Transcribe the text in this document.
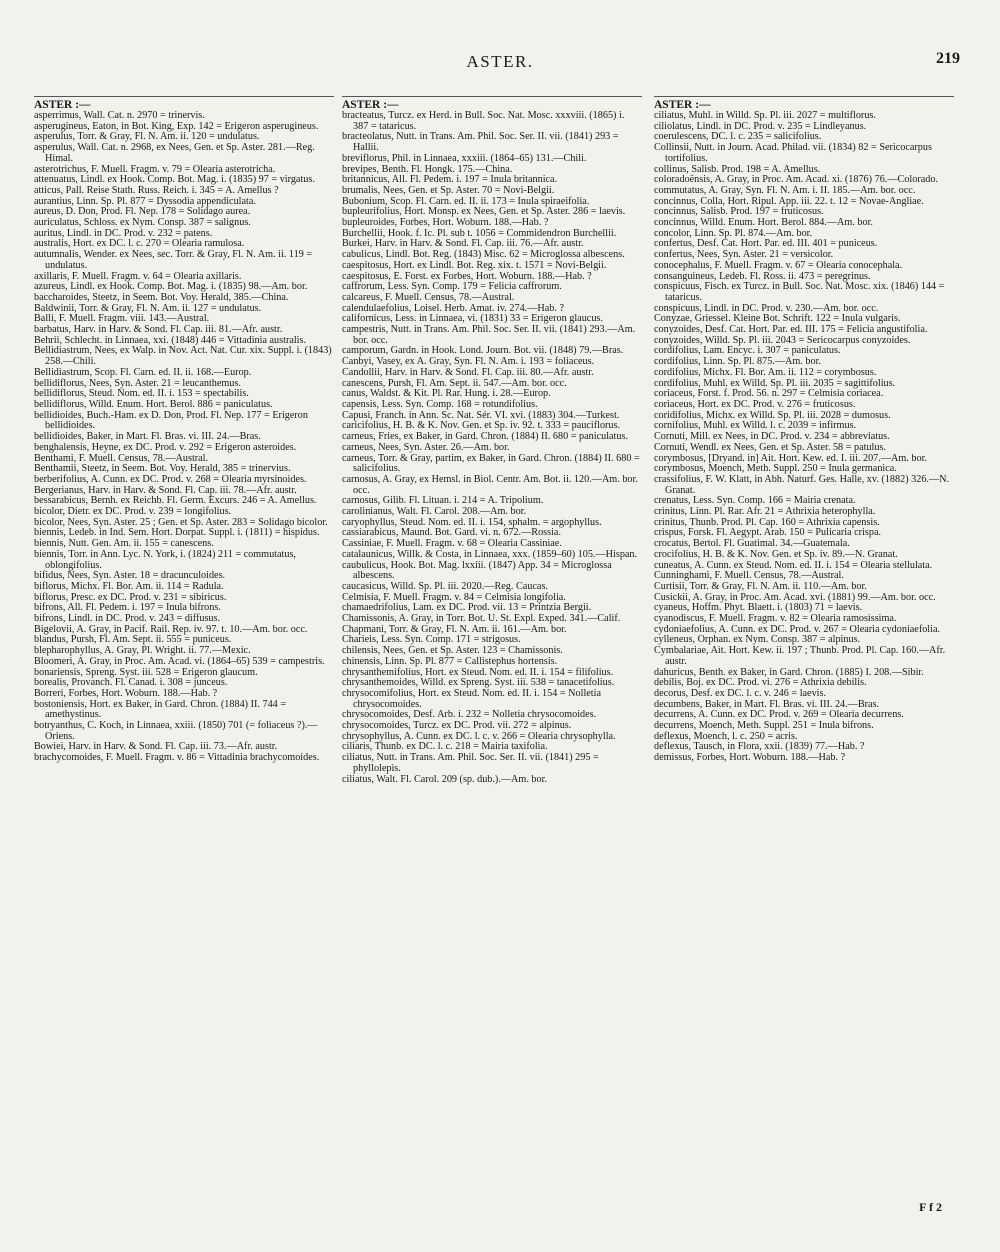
ASTER.	219
ASTER :—

asperrimus, Wall. Cat. n. 2970 = trinervis.

asperugineus, Eaton, in Bot. King, Exp. 142 = Erigeron asperugineus.

asperulus, Torr. & Gray, Fl. N. Am. ii. 120 = undulatus.

asperulus, Wall. Cat. n. 2968, ex Nees, Gen. et Sp. Aster. 281.—Reg. Himal.

asterotrichus, F. Muell. Fragm. v. 79 = Olearia asterotricha.

attenuatus, Lindl. ex Hook. Comp. Bot. Mag. i. (1835) 97 = virgatus.

atticus, Pall. Reise Stath. Russ. Reich. i. 345 = A. Amellus ?

aurantius, Linn. Sp. Pl. 877 = Dyssodia appendiculata.

aureus, D. Don, Prod. Fl. Nep. 178 = Solidago aurea.

auriculatus, Schloss. ex Nym. Consp. 387 = salignus.

auritus, Lindl. in DC. Prod. v. 232 = patens.

australis, Hort. ex DC. l. c. 270 = Olearia ramulosa.

autumnalis, Wender. ex Nees, sec. Torr. & Gray, Fl. N. Am. ii. 119 = undulatus.

axillaris, F. Muell. Fragm. v. 64 = Olearia axillaris.

azureus, Lindl. ex Hook. Comp. Bot. Mag. i. (1835) 98.—Am. bor.

baccharoides, Steetz, in Seem. Bot. Voy. Herald, 385.—China.

Baldwinii, Torr. & Gray, Fl. N. Am. ii. 127 = undulatus.

Balli, F. Muell. Fragm. viii. 143.—Austral.

barbatus, Harv. in Harv. & Sond. Fl. Cap. iii. 81.—Afr. austr.

Behrii, Schlecht. in Linnaea, xxi. (1848) 446 = Vittadinia australis.

Bellidiastrum, Nees, ex Walp. in Nov. Act. Nat. Cur. xix. Suppl. i. (1843) 258.—Chili.

Bellidiastrum, Scop. Fl. Carn. ed. II. ii. 168.—Europ.

bellidiflorus, Nees, Syn. Aster. 21 = leucanthemus.

bellidiflorus, Steud. Nom. ed. II. i. 153 = spectabilis.

bellidiflorus, Willd. Enum. Hort. Berol. 886 = paniculatus.

bellidioides, Buch.-Ham. ex D. Don, Prod. Fl. Nep. 177 = Erigeron bellidioides.

bellidioides, Baker, in Mart. Fl. Bras. vi. III. 24.—Bras.

benghalensis, Heyne, ex DC. Prod. v. 292 = Erigeron asteroides.

Benthami, F. Muell. Census, 78.—Austral.

Benthamii, Steetz, in Seem. Bot. Voy. Herald, 385 = trinervius.

berberifolius, A. Cunn. ex DC. Prod. v. 268 = Olearia myrsinoides.

Bergerianus, Harv. in Harv. & Sond. Fl. Cap. iii. 78.—Afr. austr.

bessarabicus, Bernh. ex Reichb. Fl. Germ. Excurs. 246 = A. Amellus.

bicolor, Dietr. ex DC. Prod. v. 239 = longifolius.

bicolor, Nees, Syn. Aster. 25 ; Gen. et Sp. Aster. 283 = Solidago bicolor.

biennis, Ledeb. in Ind. Sem. Hort. Dorpat. Suppl. i. (1811) = hispidus.

biennis, Nutt. Gen. Am. ii. 155 = canescens.

biennis, Torr. in Ann. Lyc. N. York, i. (1824) 211 = commutatus, oblongifolius.

bifidus, Nees, Syn. Aster. 18 = dracunculoides.

biflorus, Michx. Fl. Bor. Am. ii. 114 = Radula.

biflorus, Presc. ex DC. Prod. v. 231 = sibiricus.

bifrons, All. Fl. Pedem. i. 197 = Inula bifrons.

bifrons, Lindl. in DC. Prod. v. 243 = diffusus.

Bigelovii, A. Gray, in Pacif. Rail. Rep. iv. 97. t. 10.—Am. bor. occ.

blandus, Pursh, Fl. Am. Sept. ii. 555 = puniceus.

blepharophyllus, A. Gray, Pl. Wright. ii. 77.—Mexic.

Bloomeri, A. Gray, in Proc. Am. Acad. vi. (1864–65) 539 = campestris.

bonariensis, Spreng. Syst. iii. 528 = Erigeron glaucum.

borealis, Provanch. Fl. Canad. i. 308 = junceus.

Borreri, Forbes, Hort. Woburn. 188.—Hab. ?

bostoniensis, Hort. ex Baker, in Gard. Chron. (1884) II. 744 = amethystinus.

botryanthus, C. Koch, in Linnaea, xxiii. (1850) 701 (= foliaceus ?).—Oriens.

Bowiei, Harv. in Harv. & Sond. Fl. Cap. iii. 73.—Afr. austr.

brachycomoides, F. Muell. Fragm. v. 86 = Vittadinia brachycomoides.

ASTER :—

bracteatus, Turcz. ex Herd. in Bull. Soc. Nat. Mosc. xxxviii. (1865) i. 387 = tataricus.

bracteolatus, Nutt. in Trans. Am. Phil. Soc. Ser. II. vii. (1841) 293 = Hallii.

breviflorus, Phil. in Linnaea, xxxiii. (1864–65) 131.—Chili.

brevipes, Benth. Fl. Hongk. 175.—China.

britannicus, All. Fl. Pedem. i. 197 = Inula britannica.

brumalis, Nees, Gen. et Sp. Aster. 70 = Novi-Belgii.

Bubonium, Scop. Fl. Carn. ed. II. ii. 173 = Inula spiraeifolia.

bupleurifolius, Hort. Monsp. ex Nees, Gen. et Sp. Aster. 286 = laevis.

bupleuroides, Forbes, Hort. Woburn. 188.—Hab. ?

Burchellii, Hook. f. Ic. Pl. sub t. 1056 = Commidendron Burchellii.

Burkei, Harv. in Harv. & Sond. Fl. Cap. iii. 76.—Afr. austr.

cabulicus, Lindl. Bot. Reg. (1843) Misc. 62 = Microglossa albescens.

caespitosus, Hort. ex Lindl. Bot. Reg. xix. t. 1571 = Novi-Belgii.

caespitosus, E. Forst. ex Forbes, Hort. Woburn. 188.—Hab. ?

caffrorum, Less. Syn. Comp. 179 = Felicia caffrorum.

calcareus, F. Muell. Census, 78.—Austral.

calendulaefolius, Loisel. Herb. Amat. iv. 274.—Hab. ?

californicus, Less. in Linnaea, vi. (1831) 33 = Erigeron glaucus.

campestris, Nutt. in Trans. Am. Phil. Soc. Ser. II. vii. (1841) 293.—Am. bor. occ.

camporum, Gardn. in Hook. Lond. Journ. Bot. vii. (1848) 79.—Bras.

Canbyi, Vasey, ex A. Gray, Syn. Fl. N. Am. i. 193 = foliaceus.

Candollii, Harv. in Harv. & Sond. Fl. Cap. iii. 80.—Afr. austr.

canescens, Pursh, Fl. Am. Sept. ii. 547.—Am. bor. occ.

canus, Waldst. & Kit. Pl. Rar. Hung. i. 28.—Europ.

capensis, Less. Syn. Comp. 168 = rotundifolius.

Capusi, Franch. in Ann. Sc. Nat. Sér. VI. xvi. (1883) 304.—Turkest.

caricifolius, H. B. & K. Nov. Gen. et Sp. iv. 92. t. 333 = pauciflorus.

carneus, Fries, ex Baker, in Gard. Chron. (1884) II. 680 = paniculatus.

carneus, Nees, Syn. Aster. 26.—Am. bor.

carneus, Torr. & Gray, partim, ex Baker, in Gard. Chron. (1884) II. 680 = salicifolius.

carnosus, A. Gray, ex Hemsl. in Biol. Centr. Am. Bot. ii. 120.—Am. bor. occ.

carnosus, Gilib. Fl. Lituan. i. 214 = A. Tripolium.

carolinianus, Walt. Fl. Carol. 208.—Am. bor.

caryophyllus, Steud. Nom. ed. II. i. 154, sphalm. = argophyllus.

cassiarabicus, Maund. Bot. Gard. vi. n. 672.—Rossia.

Cassiniae, F. Muell. Fragm. v. 68 = Olearia Cassiniae.

catalaunicus, Willk. & Costa, in Linnaea, xxx. (1859–60) 105.—Hispan.

caubulicus, Hook. Bot. Mag. lxxiii. (1847) App. 34 = Microglossa albescens.

caucasicus, Willd. Sp. Pl. iii. 2020.—Reg. Caucas.

Celmisia, F. Muell. Fragm. v. 84 = Celmisia longifolia.

chamaedrifolius, Lam. ex DC. Prod. vii. 13 = Printzia Bergii.

Chamissonis, A. Gray, in Torr. Bot. U. St. Expl. Exped. 341.—Calif.

Chapmani, Torr. & Gray, Fl. N. Am. ii. 161.—Am. bor.

Charieis, Less. Syn. Comp. 171 = strigosus.

chilensis, Nees, Gen. et Sp. Aster. 123 = Chamissonis.

chinensis, Linn. Sp. Pl. 877 = Callistephus hortensis.

chrysanthemifolius, Hort. ex Steud. Nom. ed. II. i. 154 = filifolius.

chrysanthemoides, Willd. ex Spreng. Syst. iii. 538 = tanacetifolius.

chrysocomifolius, Hort. ex Steud. Nom. ed. II. i. 154 = Nolletia chrysocomoides.

chrysocomoides, Desf. Arb. i. 232 = Nolletia chrysocomoides.

chrysocomoides, Turcz. ex DC. Prod. vii. 272 = alpinus.

chrysophyllus, A. Cunn. ex DC. l. c. v. 266 = Olearia chrysophylla.

ciliaris, Thunb. ex DC. l. c. 218 = Mairia taxifolia.

ciliatus, Nutt. in Trans. Am. Phil. Soc. Ser. II. vii. (1841) 295 = phyllolepis.

ciliatus, Walt. Fl. Carol. 209 (sp. dub.).—Am. bor.

ASTER :—

ciliatus, Muhl. in Willd. Sp. Pl. iii. 2027 = multiflorus.

ciliolatus, Lindl. in DC. Prod. v. 235 = Lindleyanus.

coerulescens, DC. l. c. 235 = salicifolius.

Collinsii, Nutt. in Journ. Acad. Philad. vii. (1834) 82 = Sericocarpus tortifolius.

collinus, Salisb. Prod. 198 = A. Amellus.

coloradoënsis, A. Gray, in Proc. Am. Acad. xi. (1876) 76.—Colorado.

commutatus, A. Gray, Syn. Fl. N. Am. i. II. 185.—Am. bor. occ.

concinnus, Colla, Hort. Ripul. App. iii. 22. t. 12 = Novae-Angliae.

concinnus, Salisb. Prod. 197 = fruticosus.

concinnus, Willd. Enum. Hort. Berol. 884.—Am. bor.

concolor, Linn. Sp. Pl. 874.—Am. bor.

confertus, Desf. Cat. Hort. Par. ed. III. 401 = puniceus.

confertus, Nees, Syn. Aster. 21 = versicolor.

conocephalus, F. Muell. Fragm. v. 67 = Olearia conocephala.

consanguineus, Ledeb. Fl. Ross. ii. 473 = peregrinus.

conspicuus, Fisch. ex Turcz. in Bull. Soc. Nat. Mosc. xix. (1846) 144 = tataricus.

conspicuus, Lindl. in DC. Prod. v. 230.—Am. bor. occ.

Conyzae, Griessel. Kleine Bot. Schrift. 122 = Inula vulgaris.

conyzoides, Desf. Cat. Hort. Par. ed. III. 175 = Felicia angustifolia.

conyzoides, Willd. Sp. Pl. iii. 2043 = Sericocarpus conyzoides.

cordifolius, Lam. Encyc. i. 307 = paniculatus.

cordifolius, Linn. Sp. Pl. 875.—Am. bor.

cordifolius, Michx. Fl. Bor. Am. ii. 112 = corymbosus.

cordifolius, Muhl. ex Willd. Sp. Pl. iii. 2035 = sagittifolius.

coriaceus, Forst. f. Prod. 56. n. 297 = Celmisia coriacea.

coriaceus, Hort. ex DC. Prod. v. 276 = fruticosus.

coridifolius, Michx. ex Willd. Sp. Pl. iii. 2028 = dumosus.

cornifolius, Muhl. ex Willd. l. c. 2039 = infirmus.

Cornuti, Mill. ex Nees, in DC. Prod. v. 234 = abbreviatus.

Cornuti, Wendl. ex Nees, Gen. et Sp. Aster. 58 = patulus.

corymbosus, [Dryand. in] Ait. Hort. Kew. ed. I. iii. 207.—Am. bor.

corymbosus, Moench, Meth. Suppl. 250 = Inula germanica.

crassifolius, F. W. Klatt, in Abh. Naturf. Ges. Halle, xv. (1882) 326.—N. Granat.

crenatus, Less. Syn. Comp. 166 = Mairia crenata.

crinitus, Linn. Pl. Rar. Afr. 21 = Athrixia heterophylla.

crinitus, Thunb. Prod. Pl. Cap. 160 = Athrixia capensis.

crispus, Forsk. Fl. Aegypt. Arab. 150 = Pulicaria crispa.

crocatus, Bertol. Fl. Guatimal. 34.—Guatemala.

crocifolius, H. B. & K. Nov. Gen. et Sp. iv. 89.—N. Granat.

cuneatus, A. Cunn. ex Steud. Nom. ed. II. i. 154 = Olearia stellulata.

Cunninghami, F. Muell. Census, 78.—Austral.

Curtisii, Torr. & Gray, Fl. N. Am. ii. 110.—Am. bor.

Cusickii, A. Gray, in Proc. Am. Acad. xvi. (1881) 99.—Am. bor. occ.

cyaneus, Hoffm. Phyt. Blaett. i. (1803) 71 = laevis.

cyanodiscus, F. Muell. Fragm. v. 82 = Olearia ramosissima.

cydoniaefolius, A. Cunn. ex DC. Prod. v. 267 = Olearia cydoniaefolia.

cylleneus, Orphan. ex Nym. Consp. 387 = alpinus.

Cymbalariae, Ait. Hort. Kew. ii. 197 ; Thunb. Prod. Pl. Cap. 160.—Afr. austr.

dahuricus, Benth. ex Baker, in Gard. Chron. (1885) I. 208.—Sibir.

debilis, Boj. ex DC. Prod. vi. 276 = Athrixia debilis.

decorus, Desf. ex DC. l. c. v. 246 = laevis.

decumbens, Baker, in Mart. Fl. Bras. vi. III. 24.—Bras.

decurrens, A. Cunn. ex DC. Prod. v. 269 = Olearia decurrens.

decurrens, Moench, Meth. Suppl. 251 = Inula bifrons.

deflexus, Moench, l. c. 250 = acris.

deflexus, Tausch, in Flora, xxii. (1839) 77.—Hab. ?

demissus, Forbes, Hort. Woburn. 188.—Hab. ?

F f 2
